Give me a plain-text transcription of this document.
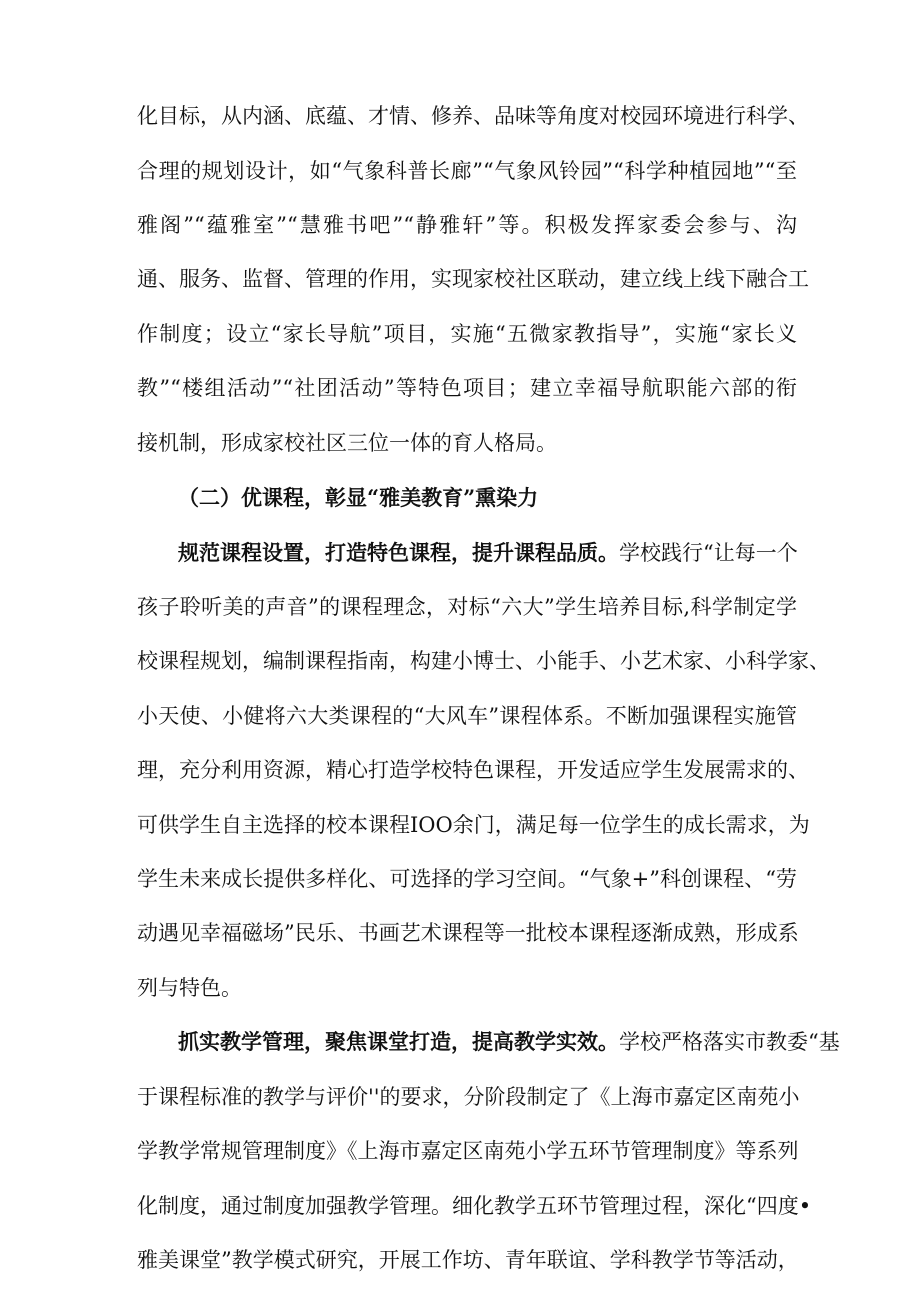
化目标，从内涵、底蕴、才情、修养、品味等角度对校园环境进行科学、
合理的规划设计，如“气象科普长廊”“气象风铃园”“科学种植园地”“至
雅阁”“蕴雅室”“慧雅书吧”“静雅轩”等。积极发挥家委会参与、沟
通、服务、监督、管理的作用，实现家校社区联动，建立线上线下融合工
作制度；设立“家长导航”项目，实施“五微家教指导”，实施“家长义
教”“楼组活动”“社团活动”等特色项目；建立幸福导航职能六部的衔
接机制，形成家校社区三位一体的育人格局。
（二）优课程，彰显“雅美教育”熏染力
规范课程设置，打造特色课程，提升课程品质。学校践行“让每一个
孩子聆听美的声音”的课程理念，对标“六大”学生培养目标,科学制定学
校课程规划，编制课程指南，构建小博士、小能手、小艺术家、小科学家、
小天使、小健将六大类课程的“大风车”课程体系。不断加强课程实施管
理，充分利用资源，精心打造学校特色课程，开发适应学生发展需求的、
可供学生自主选择的校本课程IOO余门，满足每一位学生的成长需求，为
学生未来成长提供多样化、可选择的学习空间。“气象+”科创课程、“劳
动遇见幸福磁场”民乐、书画艺术课程等一批校本课程逐渐成熟，形成系
列与特色。
抓实教学管理，聚焦课堂打造，提高教学实效。学校严格落实市教委“基
于课程标准的教学与评价''的要求，分阶段制定了《上海市嘉定区南苑小
学教学常规管理制度》《上海市嘉定区南苑小学五环节管理制度》等系列
化制度，通过制度加强教学管理。细化教学五环节管理过程，深化“四度•
雅美课堂”教学模式研究，开展工作坊、青年联谊、学科教学节等活动，
